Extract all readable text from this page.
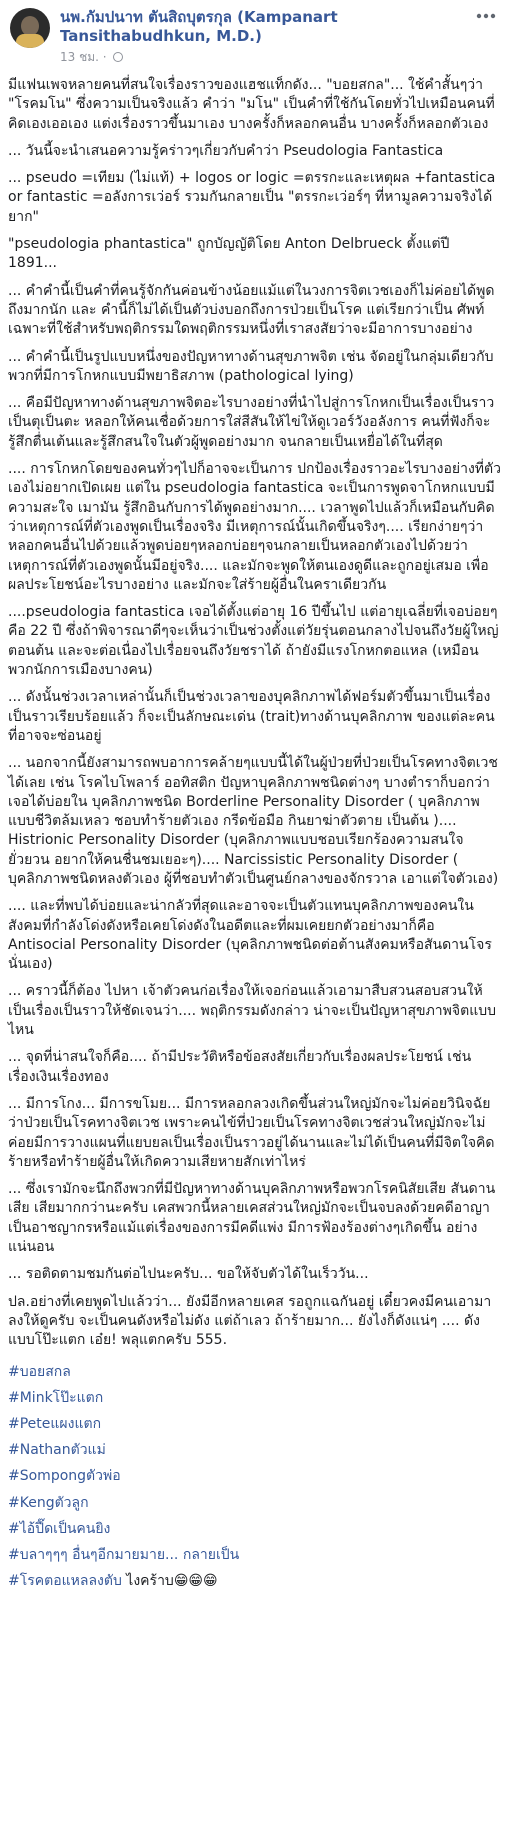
นพ.กัมปนาท ตันสิถบุตรกุล (Kampanart Tansithabudhkun, M.D.)
13 ชม. ·

มีแฟนเพจหลายคนที่สนใจเรื่องราวของแฮชแท็กดัง... "บอยสกล"... ใช้คำสั้นๆว่า "โรคมโน" ซึ่งความเป็นจริงแล้ว คำว่า "มโน" เป็นคำที่ใช้กันโดยทั่วไปเหมือนคนที่ คิดเองเออเอง แต่งเรื่องราวขึ้นมาเอง บางครั้งก็หลอกคนอื่น บางครั้งก็หลอกตัวเอง

... วันนี้จะนำเสนอความรู้คร่าวๆเกี่ยวกับคำว่า Pseudologia Fantastica

... pseudo =เทียม (ไม่แท้) + logos or logic =ตรรกะและเหตุผล +fantastica or fantastic =อลังการเว่อร์ รวมกันกลายเป็น "ตรรกะเว่อร์ๆ ที่หามูลความจริงได้ยาก"

"pseudologia phantastica" ถูกบัญญัติโดย Anton Delbrueck ตั้งแต่ปี 1891...

... คำคำนี้เป็นคำที่คนรู้จักกันค่อนข้างน้อยแม้แต่ในวงการจิตเวชเองก็ไม่ค่อยได้พูดถึงมากนัก และ คำนี้ก็ไม่ได้เป็นตัวบ่งบอกถึงการป่วยเป็นโรค แต่เรียกว่าเป็น ศัพท์เฉพาะที่ใช้สำหรับพฤติกรรมใดพฤติกรรมหนึ่งที่เราสงสัยว่าจะมีอาการบางอย่าง

... คำคำนี้เป็นรูปแบบหนึ่งของปัญหาทางด้านสุขภาพจิต เช่น จัดอยู่ในกลุ่มเดียวกับพวกที่มีการโกหกแบบมีพยาธิสภาพ (pathological lying)

... คือมีปัญหาทางด้านสุขภาพจิตอะไรบางอย่างที่นำไปสู่การโกหกเป็นเรื่องเป็นราว เป็นตุเป็นตะ หลอกให้คนเชื่อด้วยการใส่สีสันให้ไข่ให้ดูเวอร์วังอลังการ คนที่ฟังก็จะรู้สึกตื่นเต้นและรู้สึกสนใจในตัวผู้พูดอย่างมาก จนกลายเป็นเหยื่อได้ในที่สุด

.... การโกหกโดยของคนทั่วๆไปก็อาจจะเป็นการ ปกป้องเรื่องราวอะไรบางอย่างที่ตัวเองไม่อยากเปิดเผย แต่ใน pseudologia fantastica จะเป็นการพูดจาโกหกแบบมีความสะใจ เมามัน รู้สึกอินกับการได้พูดอย่างมาก.... เวลาพูดไปแล้วก็เหมือนกับคิดว่าเหตุการณ์ที่ตัวเองพูดเป็นเรื่องจริง มีเหตุการณ์นั้นเกิดขึ้นจริงๆ.... เรียกง่ายๆว่าหลอกคนอื่นไปด้วยแล้วพูดบ่อยๆหลอกบ่อยๆจนกลายเป็นหลอกตัวเองไปด้วยว่าเหตุการณ์ที่ตัวเองพูดนั้นมีอยู่จริง.... และมักจะพูดให้ตนเองดูดีและถูกอยู่เสมอ เพื่อผลประโยชน์อะไรบางอย่าง และมักจะใส่ร้ายผู้อื่นในคราเดียวกัน

....pseudologia fantastica เจอได้ตั้งแต่อายุ 16 ปีขึ้นไป แต่อายุเฉลี่ยที่เจอบ่อยๆ คือ 22 ปี ซึ่งถ้าพิจารณาดีๆจะเห็นว่าเป็นช่วงตั้งแต่วัยรุ่นตอนกลางไปจนถึงวัยผู้ใหญ่ตอนต้น และจะต่อเนื่องไปเรื่อยจนถึงวัยชราได้ ถ้ายังมีแรงโกหกตอแหล (เหมือนพวกนักการเมืองบางคน)

... ดังนั้นช่วงเวลาเหล่านั้นก็เป็นช่วงเวลาของบุคลิกภาพได้ฟอร์มตัวขึ้นมาเป็นเรื่องเป็นราวเรียบร้อยแล้ว ก็จะเป็นลักษณะเด่น (trait)ทางด้านบุคลิกภาพ ของแต่ละคนที่อาจจะซ่อนอยู่

... นอกจากนี้ยังสามารถพบอาการคล้ายๆแบบนี้ได้ในผู้ป่วยที่ป่วยเป็นโรคทางจิตเวชได้เลย เช่น โรคไบโพลาร์ ออทิสติก ปัญหาบุคลิกภาพชนิดต่างๆ บางตำราก็บอกว่าเจอได้บ่อยใน บุคลิกภาพชนิด Borderline Personality Disorder ( บุคลิกภาพแบบชีวิตล้มเหลว ชอบทำร้ายตัวเอง กรีดข้อมือ กินยาฆ่าตัวตาย เป็นต้น ).... Histrionic Personality Disorder (บุคลิกภาพแบบชอบเรียกร้องความสนใจ ยั่วยวน อยากให้คนชื่นชมเยอะๆ).... Narcissistic Personality Disorder ( บุคลิกภาพชนิดหลงตัวเอง ผู้ที่ชอบทำตัวเป็นศูนย์กลางของจักรวาล เอาแต่ใจตัวเอง)

.... และที่พบได้บ่อยและน่ากลัวที่สุดและอาจจะเป็นตัวแทนบุคลิกภาพของคนในสังคมที่กำลังโด่งดังหรือเคยโด่งดังในอดีตและที่ผมเคยยกตัวอย่างมาก็คือ Antisocial Personality Disorder (บุคลิกภาพชนิดต่อต้านสังคมหรือสันดานโจรนั่นเอง)

... คราวนี้ก็ต้อง ไปหา เจ้าตัวคนก่อเรื่องให้เจอก่อนแล้วเอามาสืบสวนสอบสวนให้เป็นเรื่องเป็นราวให้ชัดเจนว่า.... พฤติกรรมดังกล่าว น่าจะเป็นปัญหาสุขภาพจิตแบบไหน

... จุดที่น่าสนใจก็คือ.... ถ้ามีประวัติหรือข้อสงสัยเกี่ยวกับเรื่องผลประโยชน์ เช่น เรื่องเงินเรื่องทอง

... มีการโกง... มีการขโมย... มีการหลอกลวงเกิดขึ้นส่วนใหญ่มักจะไม่ค่อยวินิจฉัย ว่าป่วยเป็นโรคทางจิตเวช เพราะคนไข้ที่ป่วยเป็นโรคทางจิตเวชส่วนใหญ่มักจะไม่ค่อยมีการวางแผนที่แยบยลเป็นเรื่องเป็นราวอยู่ได้นานและไม่ได้เป็นคนที่มีจิตใจคิดร้ายหรือทำร้ายผู้อื่นให้เกิดความเสียหายสักเท่าไหร่

... ซึ่งเรามักจะนึกถึงพวกที่มีปัญหาทางด้านบุคลิกภาพหรือพวกโรคนิสัยเสีย สันดานเสีย เสียมากกว่านะครับ เคสพวกนี้หลายเคสส่วนใหญ่มักจะเป็นจบลงด้วยคดีอาญา เป็นอาชญากรหรือแม้แต่เรื่องของการมีคดีแพ่ง มีการฟ้องร้องต่างๆเกิดขึ้น อย่างแน่นอน

... รอติดตามชมกันต่อไปนะครับ... ขอให้จับตัวได้ในเร็ววัน...

ปล.อย่างที่เคยพูดไปแล้วว่า... ยังมีอีกหลายเคส รอถูกแฉกันอยู่ เดี๋ยวคงมีคนเอามาลงให้ดูครับ จะเป็นคนดังหรือไม่ดัง แต่ถ้าเลว ถ้าร้ายมาก... ยังไงก็ดังแน่ๆ .... ดังแบบโป๊ะแตก เอ๋ย! พลุแตกครับ 555.

#บอยสกล
#Minkโป๊ะแตก
#Peteแผงแตก
#Nathanตัวแม่
#Sompongตัวพ่อ
#Kengตัวลูก
#ไอ้ปี๊ดเป็นคนยิง
#บลาๆๆๆ อื่นๆอีกมายมาย... กลายเป็น
#โรคตอแหลลงตับ ไงคร้าบ😁😁😁
